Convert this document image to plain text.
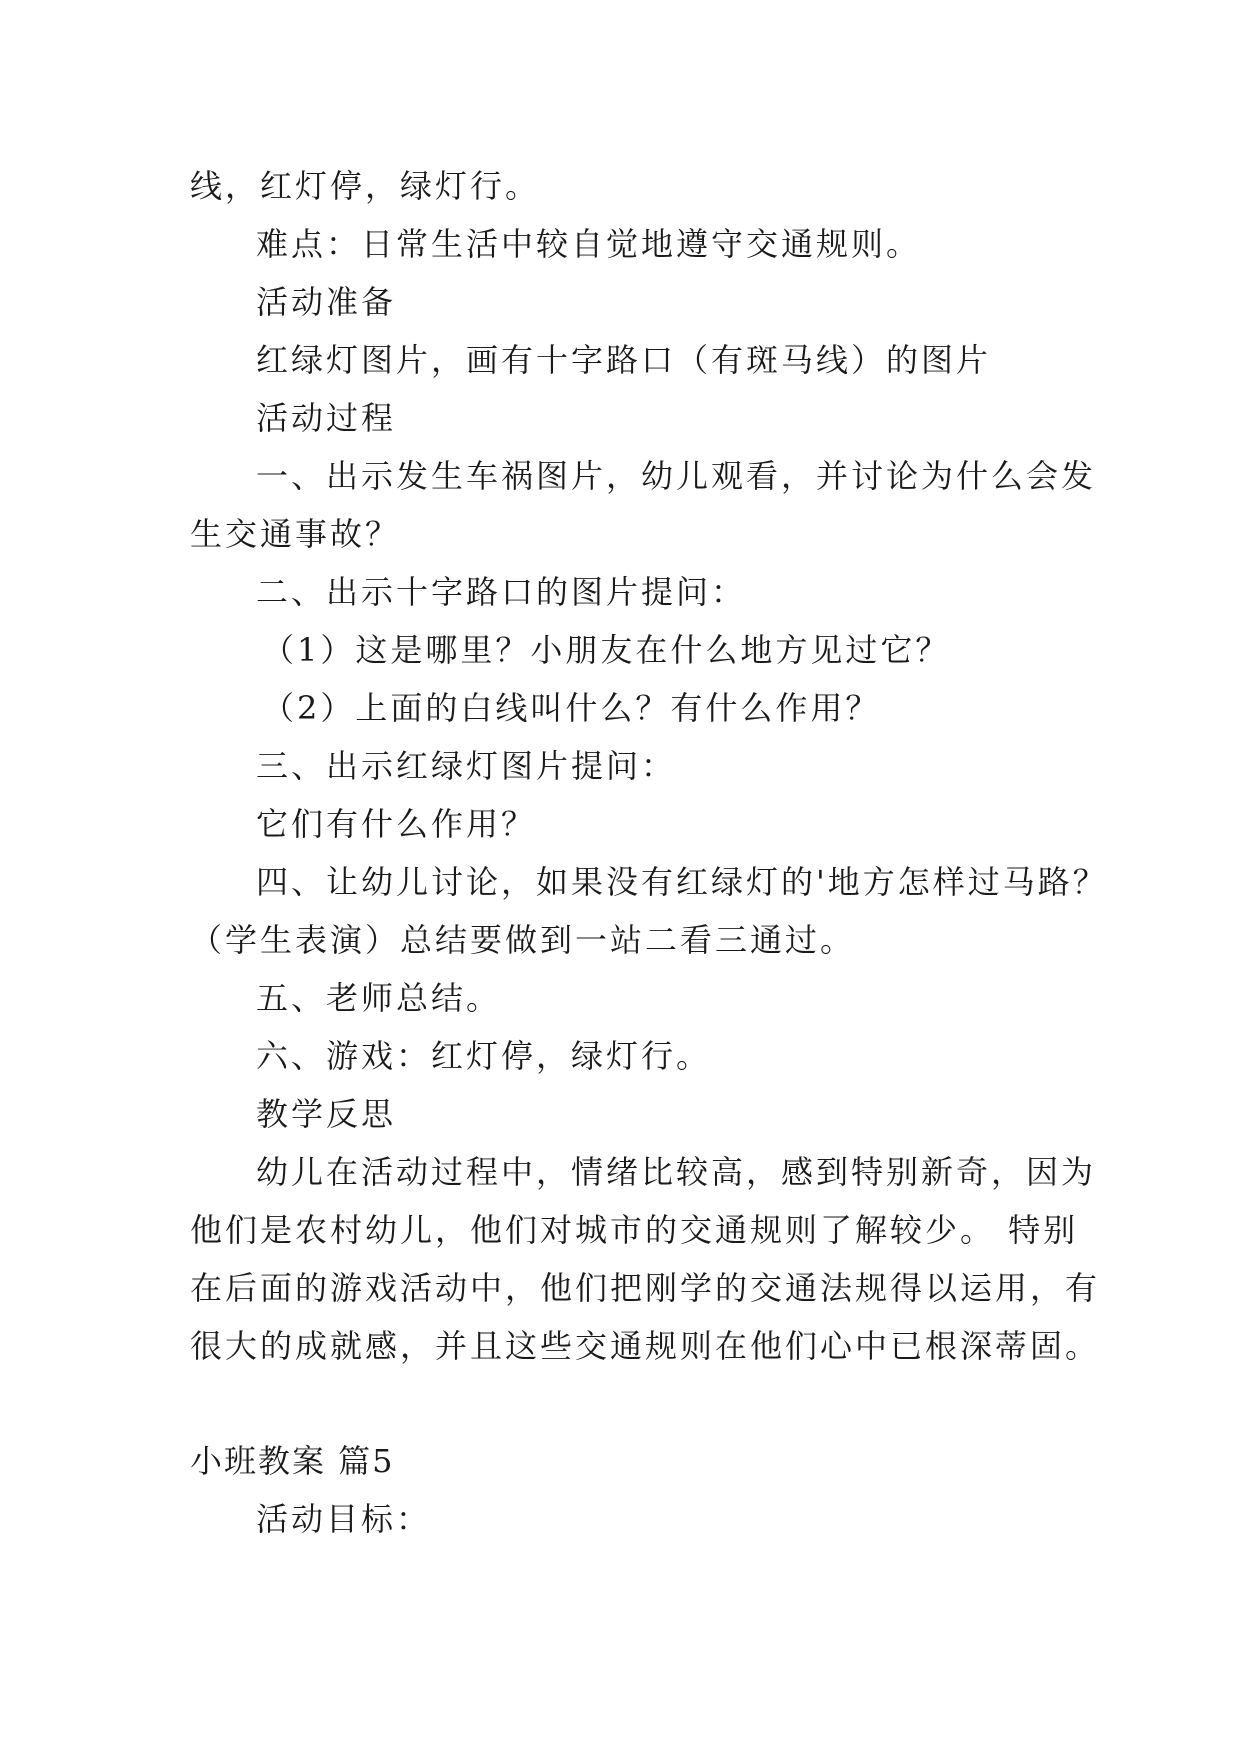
线，红灯停，绿灯行。

难点：日常生活中较自觉地遵守交通规则。

活动准备

红绿灯图片，画有十字路口（有斑马线）的图片

活动过程

一、出示发生车祸图片，幼儿观看，并讨论为什么会发

生交通事故？

二、出示十字路口的图片提问：

（1）这是哪里？小朋友在什么地方见过它？

（2）上面的白线叫什么？有什么作用？

三、出示红绿灯图片提问：

它们有什么作用？

四、让幼儿讨论，如果没有红绿灯的'地方怎样过马路？

（学生表演）总结要做到一站二看三通过。

五、老师总结。

六、游戏：红灯停，绿灯行。

教学反思

幼儿在活动过程中，情绪比较高，感到特别新奇，因为

他们是农村幼儿，他们对城市的交通规则了解较少。 特别

在后面的游戏活动中，他们把刚学的交通法规得以运用，有

很大的成就感，并且这些交通规则在他们心中已根深蒂固。

小班教案 篇5

活动目标：
